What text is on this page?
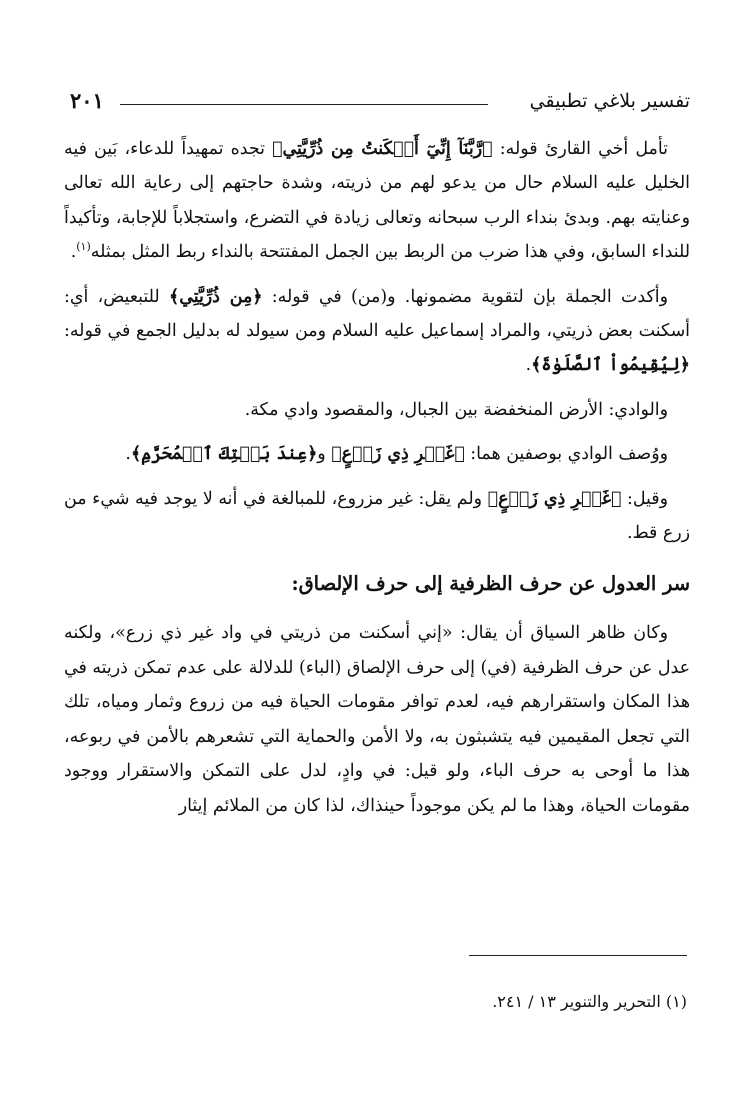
٢٠١	تفسير بلاغي تطبيقي

تأمل أخي القارئ قوله: ﴿رَّبَّنَآ إِنِّيٓ أَسۡكَنتُ مِن ذُرِّيَّتِي﴾ تجده تمهيداً للدعاء، بَين فيه الخليل عليه السلام حال من يدعو لهم من ذريته، وشدة حاجتهم إلى رعاية الله تعالى وعنايته بهم. وبدئ بنداء الرب سبحانه وتعالى زيادة في التضرع، واستجلاباً للإجابة، وتأكيداً للنداء السابق، وفي هذا ضرب من الربط بين الجمل المفتتحة بالنداء ربط المثل بمثله$^{(١)}$.

وأكدت الجملة بإن لتقوية مضمونها. و(من) في قوله: ﴿مِن ذُرِّيَّتِي﴾ للتبعيض، أي: أسكنت بعض ذريتي، والمراد إسماعيل عليه السلام ومن سيولد له بدليل الجمع في قوله: ﴿لِيُقِيمُواْ ٱلصَّلَوٰةَ﴾.

والوادي: الأرض المنخفضة بين الجبال، والمقصود وادي مكة.

ووُصف الوادي بوصفين هما: ﴿غَيۡرِ ذِي زَرۡعٍ﴾ و﴿عِندَ بَيۡتِكَ ٱلۡمُحَرَّمِ﴾.

وقيل: ﴿غَيۡرِ ذِي زَرۡعٍ﴾ ولم يقل: غير مزروع، للمبالغة في أنه لا يوجد فيه شيء من زرع قط.

سر العدول عن حرف الظرفية إلى حرف الإلصاق:

وكان ظاهر السياق أن يقال: «إني أسكنت من ذريتي في واد غير ذي زرع»، ولكنه عدل عن حرف الظرفية (في) إلى حرف الإلصاق (الباء) للدلالة على عدم تمكن ذريته في هذا المكان واستقرارهم فيه، لعدم توافر مقومات الحياة فيه من زروع وثمار ومياه، تلك التي تجعل المقيمين فيه يتشبثون به، ولا الأمن والحماية التي تشعرهم بالأمن في ربوعه، هذا ما أوحى به حرف الباء، ولو قيل: في وادٍ، لدل على التمكن والاستقرار ووجود مقومات الحياة، وهذا ما لم يكن موجوداً حينذاك، لذا كان من الملائم إيثار

(١) التحرير والتنوير ١٣ / ٢٤١.
